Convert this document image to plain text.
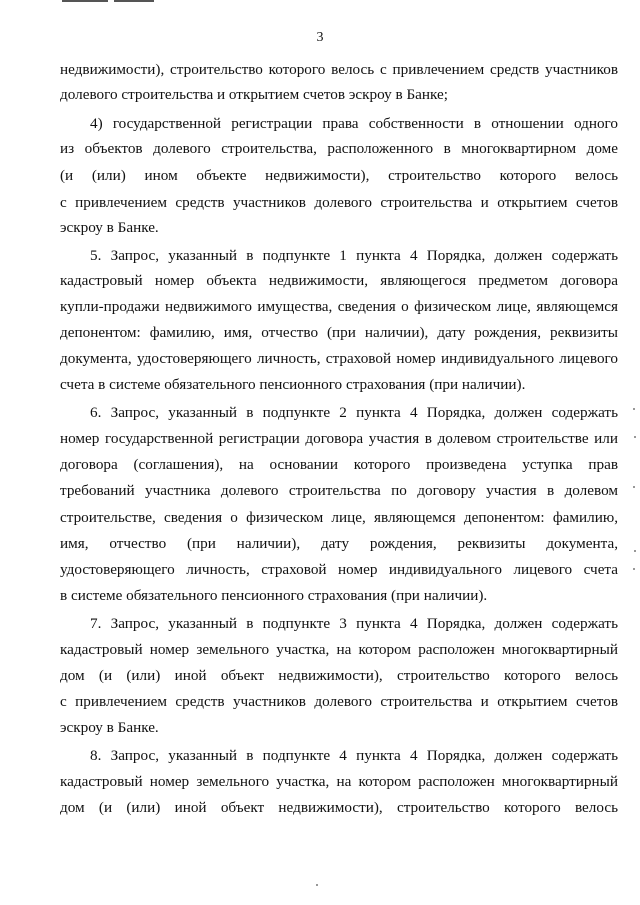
3
недвижимости), строительство которого велось с привлечением средств участников
долевого строительства и открытием счетов эскроу в Банке;
4) государственной регистрации права собственности в отношении одного
из объектов долевого строительства, расположенного в многоквартирном доме
(и (или) ином объекте недвижимости), строительство которого велось
с привлечением средств участников долевого строительства и открытием счетов
эскроу в Банке.
5. Запрос, указанный в подпункте 1 пункта 4 Порядка, должен содержать
кадастровый номер объекта недвижимости, являющегося предметом договора
купли-продажи недвижимого имущества, сведения о физическом лице, являющемся
депонентом: фамилию, имя, отчество (при наличии), дату рождения, реквизиты
документа, удостоверяющего личность, страховой номер индивидуального лицевого
счета в системе обязательного пенсионного страхования (при наличии).
6. Запрос, указанный в подпункте 2 пункта 4 Порядка, должен содержать
номер государственной регистрации договора участия в долевом строительстве или
договора (соглашения), на основании которого произведена уступка прав
требований участника долевого строительства по договору участия в долевом
строительстве, сведения о физическом лице, являющемся депонентом: фамилию,
имя, отчество (при наличии), дату рождения, реквизиты документа,
удостоверяющего личность, страховой номер индивидуального лицевого счета
в системе обязательного пенсионного страхования (при наличии).
7. Запрос, указанный в подпункте 3 пункта 4 Порядка, должен содержать
кадастровый номер земельного участка, на котором расположен многоквартирный
дом (и (или) иной объект недвижимости), строительство которого велось
с привлечением средств участников долевого строительства и открытием счетов
эскроу в Банке.
8. Запрос, указанный в подпункте 4 пункта 4 Порядка, должен содержать
кадастровый номер земельного участка, на котором расположен многоквартирный
дом (и (или) иной объект недвижимости), строительство которого велось
